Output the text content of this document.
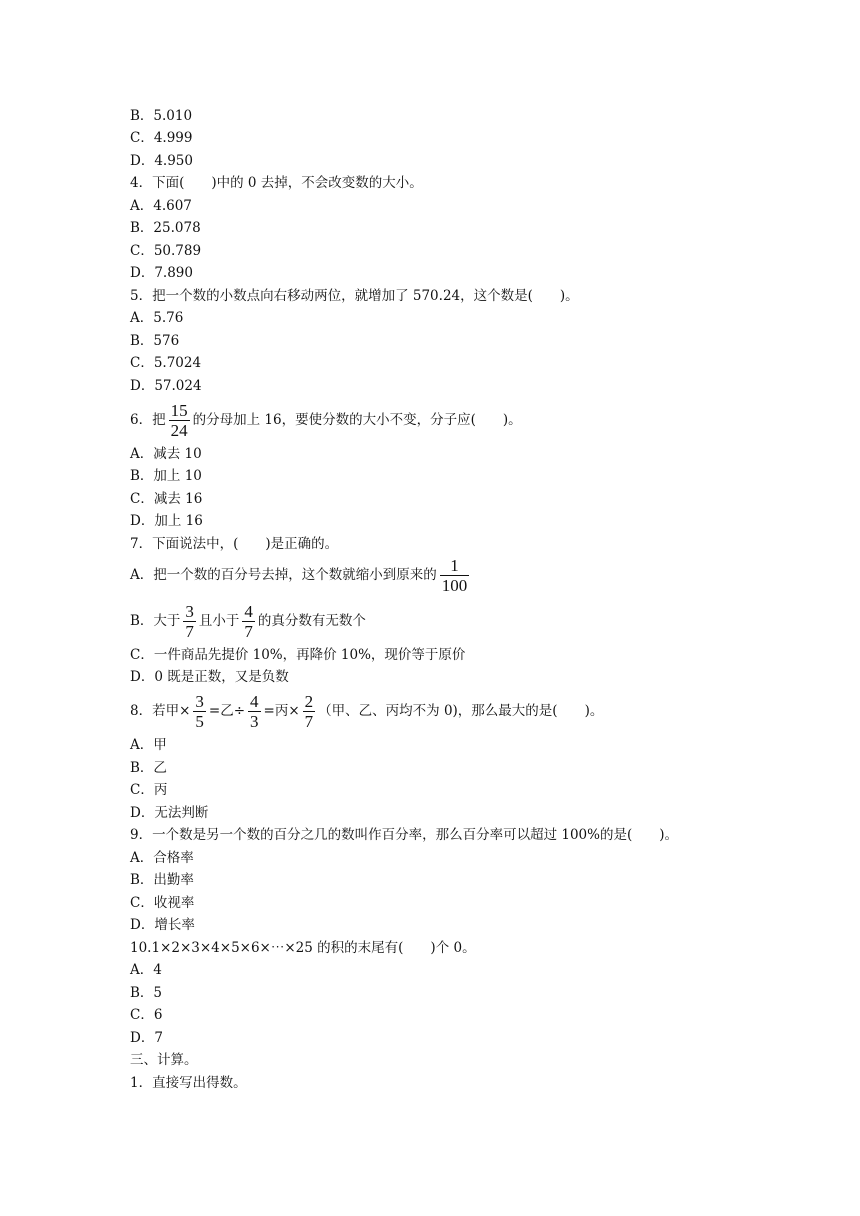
B．5.010
C．4.999
D．4.950
4．下面(　　)中的 0 去掉，不会改变数的大小。
A．4.607
B．25.078
C．50.789
D．7.890
5．把一个数的小数点向右移动两位，就增加了 570.24，这个数是(　　)。
A．5.76
B．576
C．5.7024
D．57.024
6．把 $\frac{15}{24}$ 的分母加上 16，要使分数的大小不变，分子应(　　)。
A．减去 10
B．加上 10
C．减去 16
D．加上 16
7．下面说法中，(　　)是正确的。
A．把一个数的百分号去掉，这个数就缩小到原来的 $\frac{1}{100}$
B．大于 $\frac{3}{7}$ 且小于 $\frac{4}{7}$ 的真分数有无数个
C．一件商品先提价 10%，再降价 10%，现价等于原价
D．0 既是正数，又是负数
8．若甲× $\frac{3}{5}$ =乙÷ $\frac{4}{3}$ =丙× $\frac{2}{7}$ （甲、乙、丙均不为 0)，那么最大的是(　　)。
A．甲
B．乙
C．丙
D．无法判断
9．一个数是另一个数的百分之几的数叫作百分率，那么百分率可以超过 100%的是(　　)。
A．合格率
B．出勤率
C．收视率
D．增长率
10.1×2×3×4×5×6×⋯×25 的积的末尾有(　　)个 0。
A．4
B．5
C．6
D．7
三、计算。
1．直接写出得数。
